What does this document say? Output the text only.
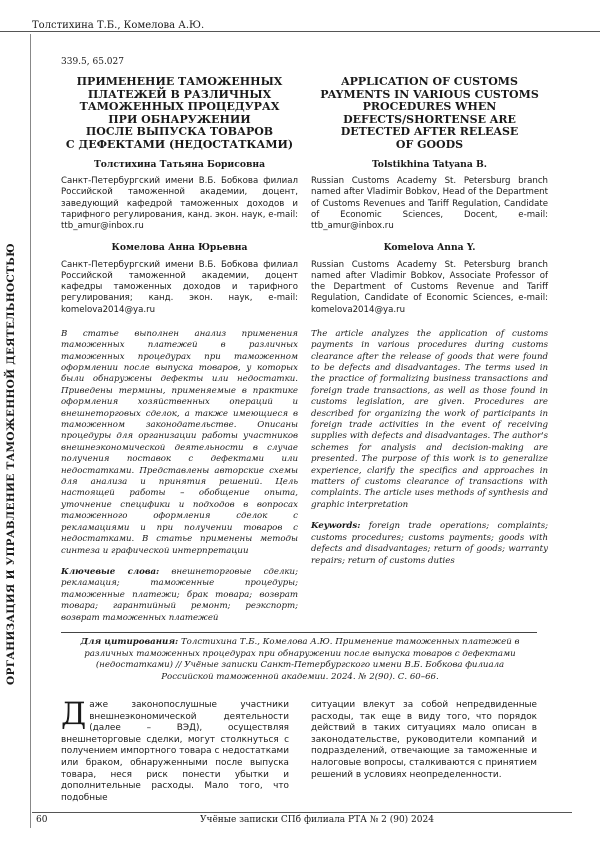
Толстихина Т.Б., Комелова А.Ю.
ОРГАНИЗАЦИЯ И УПРАВЛЕНИЕ ТАМОЖЕННОЙ ДЕЯТЕЛЬНОСТЬЮ
339.5, 65.027
ПРИМЕНЕНИЕ ТАМОЖЕННЫХ
ПЛАТЕЖЕЙ В РАЗЛИЧНЫХ
ТАМОЖЕННЫХ ПРОЦЕДУРАХ
ПРИ ОБНАРУЖЕНИИ
ПОСЛЕ ВЫПУСКА ТОВАРОВ
С ДЕФЕКТАМИ (НЕДОСТАТКАМИ)
Толстихина Татьяна Борисовна
Санкт-Петербургский имени В.Б. Бобкова филиал Российской таможенной академии, доцент, заведующий кафедрой таможенных доходов и тарифного регулирования, канд. экон. наук, e-mail: ttb_amur@inbox.ru
Комелова Анна Юрьевна
Санкт-Петербургский имени В.Б. Бобкова филиал Российской таможенной академии, доцент кафедры таможенных доходов и тарифного регулирования; канд. экон. наук, e-mail: komelova2014@ya.ru
В статье выполнен анализ применения таможенных платежей в различных таможенных процедурах при таможенном оформлении после выпуска товаров, у которых были обнаружены дефекты или недостатки. Приведены термины, применяемые в практике оформления хозяйственных операций и внешнеторговых сделок, а также имеющиеся в таможенном законодательстве. Описаны процедуры для организации работы участников внешнеэкономической деятельности в случае получения поставок с дефектами или недостатками. Представлены авторские схемы для анализа и принятия решений. Цель настоящей работы – обобщение опыта, уточнение специфики и подходов в вопросах таможенного оформления сделок с рекламациями и при получении товаров с недостатками. В статье применены методы синтеза и графической интерпретации
Ключевые слова: внешнеторговые сделки; рекламация; таможенные процедуры; таможенные платежи; брак товара; возврат товара; гарантийный ремонт; реэкспорт; возврат таможенных платежей
APPLICATION OF CUSTOMS
PAYMENTS IN VARIOUS CUSTOMS
PROCEDURES WHEN
DEFECTS/SHORTENSE ARE
DETECTED AFTER RELEASE
OF GOODS
Tolstikhina Tatyana B.
Russian Customs Academy St. Petersburg branch named after Vladimir Bobkov, Head of the Department of Customs Revenues and Tariff Regulation, Candidate of Economic Sciences, Docent, e-mail: ttb_amur@inbox.ru
Komelova Anna Y.
Russian Customs Academy St. Petersburg branch named after Vladimir Bobkov, Associate Professor of the Department of Customs Revenue and Tariff Regulation, Candidate of Economic Sciences, e-mail: komelova2014@ya.ru
The article analyzes the application of customs payments in various procedures during customs clearance after the release of goods that were found to be defects and disadvantages. The terms used in the practice of formalizing business transactions and foreign trade transactions, as well as those found in customs legislation, are given. Procedures are described for organizing the work of participants in foreign trade activities in the event of receiving supplies with defects and disadvantages. The author's schemes for analysis and decision-making are presented. The purpose of this work is to generalize experience, clarify the specifics and approaches in matters of customs clearance of transactions with complaints. The article uses methods of synthesis and graphic interpretation
Keywords: foreign trade operations; complaints; customs procedures; customs payments; goods with defects and disadvantages; return of goods; warranty repairs; return of customs duties
Для цитирования: Толстихина Т.Б., Комелова А.Ю. Применение таможенных платежей в различных таможенных процедурах при обнаружении после выпуска товаров с дефектами (недостатками) // Учёные записки Санкт-Петербургского имени В.Б. Бобкова филиала Российской таможенной академии. 2024. № 2(90). С. 60–66.
Даже законопослушные участники внешнеэкономической деятельности (далее – ВЭД), осуществляя внешнеторговые сделки, могут столкнуться с получением импортного товара с недостатками или браком, обнаруженными после выпуска товара, неся риск понести убытки и дополнительные расходы. Мало того, что подобные
ситуации влекут за собой непредвиденные расходы, так еще в виду того, что порядок действий в таких ситуациях мало описан в законодательстве, руководители компаний и подразделений, отвечающие за таможенные и налоговые вопросы, сталкиваются с принятием решений в условиях неопределенности.
60	Учёные записки СПб филиала РТА № 2 (90) 2024
